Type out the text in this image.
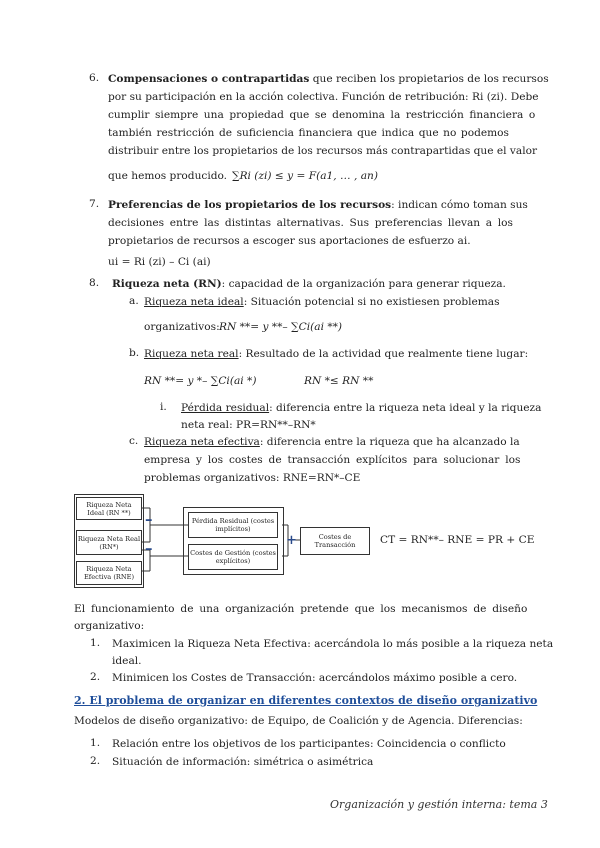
6. Compensaciones o contrapartidas que reciben los propietarios de los recursos
por su participación en la acción colectiva. Función de retribución: Ri (zi). Debe
cumplir siempre una propiedad que se denomina la restricción financiera o
también restricción de suficiencia financiera que indica que no podemos
distribuir entre los propietarios de los recursos más contrapartidas que el valor
que hemos producido. ∑Ri (zi) ≤ y = F(a1, … , an)
7. Preferencias de los propietarios de los recursos: indican cómo toman sus
decisiones entre las distintas alternativas. Sus preferencias llevan a los
propietarios de recursos a escoger sus aportaciones de esfuerzo ai.
ui = Ri (zi) – Ci (ai)
8. Riqueza neta (RN): capacidad de la organización para generar riqueza.
a. Riqueza neta ideal: Situación potencial si no existiesen problemas
organizativos: RN **= y **– ∑Ci(ai **)
b. Riqueza neta real: Resultado de la actividad que realmente tiene lugar:
RN **= y *– ∑Ci(ai *)	RN *≤ RN **
i. Pérdida residual: diferencia entre la riqueza neta ideal y la riqueza
neta real: PR=RN**–RN*
c. Riqueza neta efectiva: diferencia entre la riqueza que ha alcanzado la
empresa y los costes de transacción explícitos para solucionar los
problemas organizativos: RNE=RN*–CE
Riqueza Neta Ideal (RN **)
Riqueza Neta Real (RN*)
Riqueza Neta Efectiva (RNE)
Pérdida Residual (costes implícitos)
Costes de Gestión (costes explícitos)
Costes de Transacción
–
–	+	CT = RN**– RNE = PR + CE
El funcionamiento de una organización pretende que los mecanismos de diseño
organizativo:
1. Maximicen la Riqueza Neta Efectiva: acercándola lo más posible a la riqueza neta
ideal.
2. Minimicen los Costes de Transacción: acercándolos máximo posible a cero.
2. El problema de organizar en diferentes contextos de diseño organizativo
Modelos de diseño organizativo: de Equipo, de Coalición y de Agencia. Diferencias:
1. Relación entre los objetivos de los participantes: Coincidencia o conflicto
2. Situación de información: simétrica o asimétrica
Organización y gestión interna: tema 3
